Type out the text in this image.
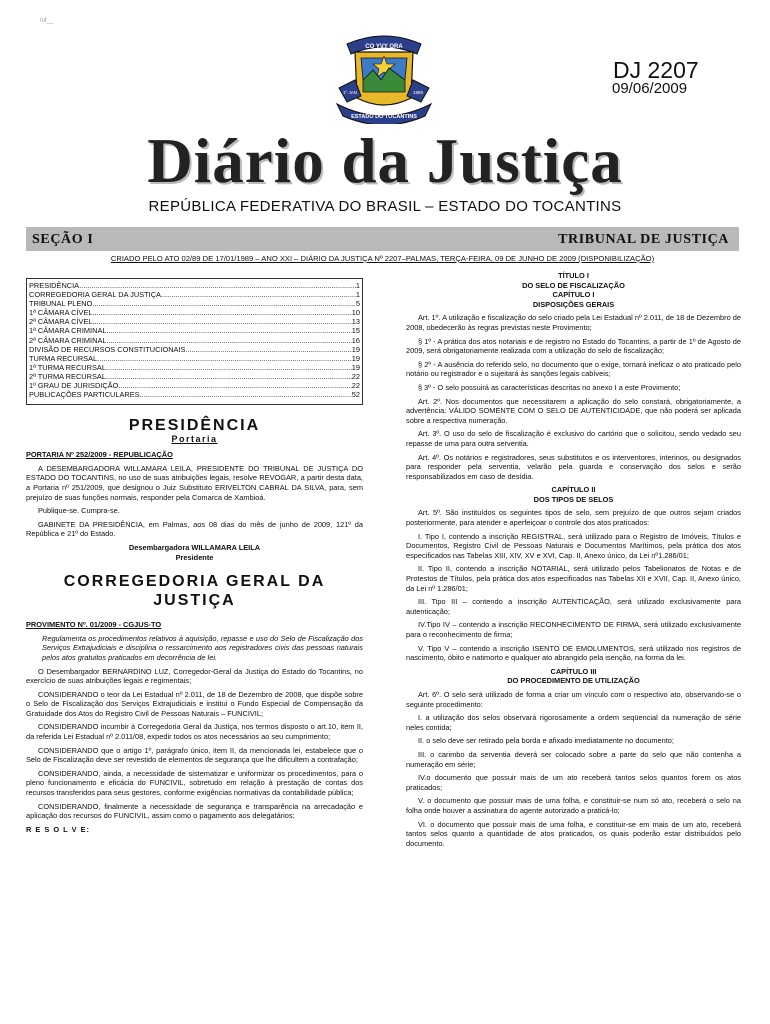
Inf__
CO YVY ORA
1º JAN	1989
ESTADO DO TOCANTINS
DJ 2207
09/06/2009
Diário da Justiça
REPÚBLICA FEDERATIVA DO BRASIL – ESTADO DO TOCANTINS
SEÇÃO I	TRIBUNAL DE JUSTIÇA
CRIADO PELO ATO 02/89 DE 17/01/1989 – ANO XXI – DIÁRIO DA JUSTIÇA Nº 2207–PALMAS, TERÇA-FEIRA, 09 DE JUNHO DE 2009 (DISPONIBILIZAÇÃO)
PRESIDÊNCIA .....	1
CORREGEDORIA GERAL DA JUSTIÇA .....	1
TRIBUNAL PLENO .....	5
1ª CÂMARA CÍVEL .....	10
2ª CÂMARA CÍVEL .....	13
1ª CÂMARA CRIMINAL .....	15
2ª CÂMARA CRIMINAL .....	16
DIVISÃO DE RECURSOS CONSTITUCIONAIS .....	19
TURMA RECURSAL .....	19
1ª TURMA RECURSAL .....	19
2ª TURMA RECURSAL .....	22
1º GRAU DE JURISDIÇÃO .....	22
PUBLICAÇÕES PARTICULARES .....	52
PRESIDÊNCIA
Portaria

PORTARIA Nº 252/2009 - REPUBLICAÇÃO

A DESEMBARGADORA WILLAMARA LEILA, PRESIDENTE DO TRIBUNAL DE JUSTIÇA DO ESTADO DO TOCANTINS, no uso de suas atribuições legais, resolve REVOGAR, a partir desta data, a Portaria nº 251/2009, que designou o Juiz Substituto ERIVELTON CABRAL DA SILVA, para, sem prejuízo de suas funções normais, responder pela Comarca de Xambioá.

Publique-se. Cumpra-se.

GABINETE DA PRESIDÊNCIA, em Palmas, aos 08 dias do mês de junho de 2009, 121º da República e 21º do Estado.

Desembargadora WILLAMARA LEILA

Presidente

CORREGEDORIA GERAL DA JUSTIÇA

PROVIMENTO Nº. 01/2009 - CGJUS-TO

Regulamenta os procedimentos relativos à aquisição, repasse e uso do Selo de Fiscalização dos Serviços Extrajudiciais e disciplina o ressarcimento aos registradores civis das pessoas naturais pelos atos gratuitos praticados em decorrência de lei.

O Desembargador BERNARDINO LUZ, Corregedor-Geral da Justiça do Estado do Tocantins, no exercício de suas atribuições legais e regimentais;

CONSIDERANDO o teor da Lei Estadual nº 2.011, de 18 de Dezembro de 2008, que dispõe sobre o Selo de Fiscalização dos Serviços Extrajudiciais e institui o Fundo Especial de Compensação da Gratuidade dos Atos do Registro Civil de Pessoas Naturais – FUNCIVIL;

CONSIDERANDO incumbir à Corregedoria Geral da Justiça, nos termos disposto o art.10, item II, da referida Lei Estadual nº 2.011/08, expedir todos os atos necessários ao seu cumprimento;

CONSIDERANDO que o artigo 1º, parágrafo único, item II, da mencionada lei, estabelece que o Selo de Fiscalização deve ser revestido de elementos de segurança que lhe dificultem a contrafação;

CONSIDERANDO, ainda, a necessidade de sistematizar e uniformizar os procedimentos, para o pleno funcionamento e eficácia do FUNCIVIL, sobretudo em relação à prestação de contas dos recursos transferidos para seus gestores, conforme exigências normativas da contabilidade pública;

CONSIDERANDO, finalmente a necessidade de segurança e transparência na arrecadação e aplicação dos recursos do FUNCIVIL, assim como o pagamento aos delegatários;

R E S O L V E:

TÍTULO I

DO SELO DE FISCALIZAÇÃO

CAPÍTULO I

DISPOSIÇÕES GERAIS

Art. 1º. A utilização e fiscalização do selo criado pela Lei Estadual nº 2.011, de 18 de Dezembro de 2008, obedecerão às regras previstas neste Provimento;

§ 1º - A prática dos atos notariais e de registro no Estado do Tocantins, a partir de 1º de Agosto de 2009, será obrigatoriamente realizada com a utilização do selo de fiscalização;

§ 2º - A ausência do referido selo, no documento que o exige, tornará ineficaz o ato praticado pelo notário ou registrador e o sujeitará às sanções legais cabíveis;

§ 3º - O selo possuirá as características descritas no anexo I a este Provimento;

Art. 2º. Nos documentos que necessitarem a aplicação do selo constará, obrigatoriamente, a advertência: VÁLIDO SOMENTE COM O SELO DE AUTENTICIDADE, que não poderá ser aplicada sobre a respectiva numeração.

Art. 3º. O uso do selo de fiscalização é exclusivo do cartório que o solicitou, sendo vedado seu repasse de uma para outra serventia.

Art. 4º. Os notários e registradores, seus substitutos e os interventores, interinos, ou designados para responder pela serventia, velarão pela guarda e conservação dos selos e serão responsabilizados em caso de desídia.

CAPÍTULO II

DOS TIPOS DE SELOS

Art. 5º. São instituídos os seguintes tipos de selo, sem prejuízo de que outros sejam criados posteriormente, para atender e aperfeiçoar o controle dos atos praticados:

I. Tipo I, contendo a inscrição REGISTRAL, será utilizado para o Registro de Imóveis, Títulos e Documentos, Registro Civil de Pessoas Naturais e Documentos Marítimos, pela prática dos atos especificados nas Tabelas XIII, XIV, XV e XVI, Cap. II, Anexo único, da Lei nº1.286/01;

II. Tipo II, contendo a inscrição NOTARIAL, será utilizado pelos Tabelionatos de Notas e de Protestos de Títulos, pela prática dos atos especificados nas Tabelas XII e XVII, Cap. II, Anexo único, da Lei nº 1.286/01;

III. Tipo III – contendo a inscrição AUTENTICAÇÃO, será utilizado exclusivamente para autenticação;

IV.Tipo IV – contendo a inscrição RECONHECIMENTO DE FIRMA, será utilizado exclusivamente para o reconhecimento de firma;

V. Tipo V – contendo a inscrição ISENTO DE EMOLUMENTOS, será utilizado nos registros de nascimento, óbito e natimorto e qualquer ato abrangido pela isenção, na forma da lei.

CAPÍTULO III

DO PROCEDIMENTO DE UTILIZAÇÃO

Art. 6º. O selo será utilizado de forma a criar um vínculo com o respectivo ato, observando-se o seguinte procedimento:

I. a utilização dos selos observará rigorosamente a ordem seqüencial da numeração de série neles contida;

II. o selo deve ser retirado pela borda e afixado imediatamente no documento;

III. o carimbo da serventia deverá ser colocado sobre a parte do selo que não contenha a numeração em série;

IV.o documento que possuir mais de um ato receberá tantos selos quantos forem os atos praticados;

V. o documento que possuir mais de uma folha, e constituir-se num só ato, receberá o selo na folha onde houver a assinatura do agente autorizado a praticá-lo;

VI. o documento que possuir mais de uma folha, e constituir-se em mais de um ato, receberá tantos selos quanto a quantidade de atos praticados, os quais poderão estar distribuídos pelo documento.
